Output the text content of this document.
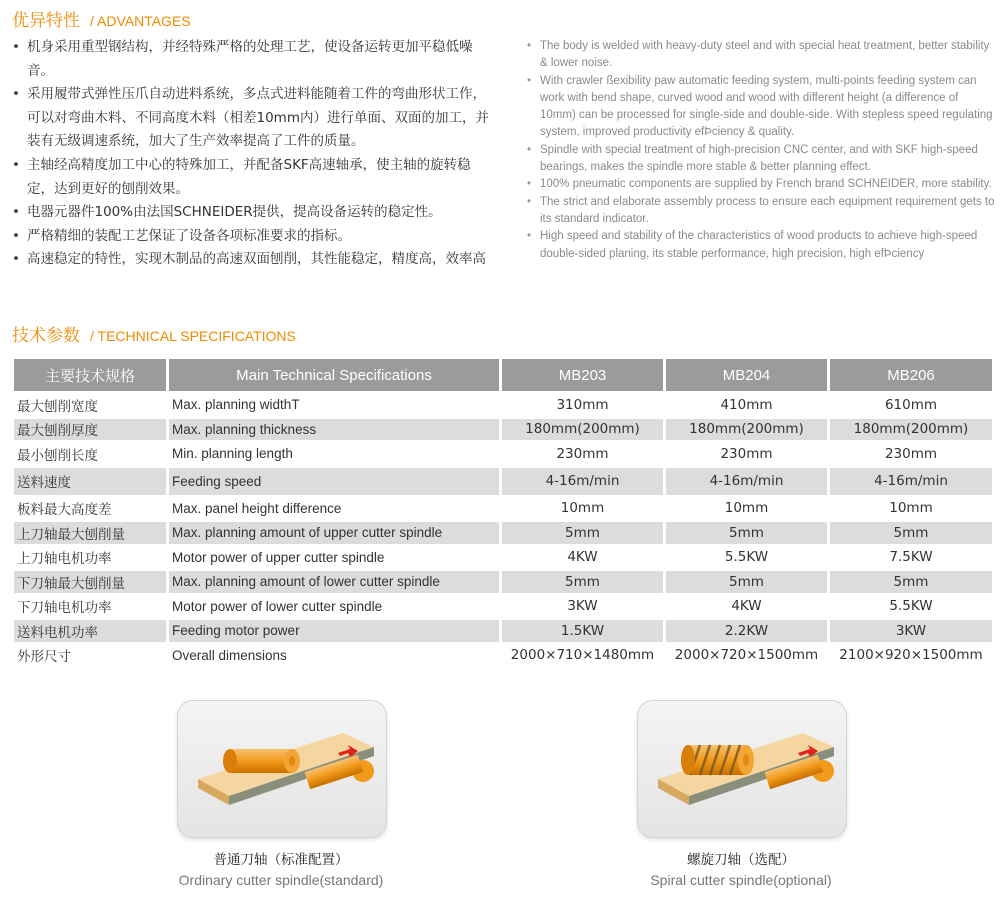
优异特性 / ADVANTAGES
• 机身采用重型钢结构，并经特殊严格的处理工艺，使设备运转更加平稳低噪音。
• 采用履带式弹性压爪自动进料系统，多点式进料能随着工件的弯曲形状工作，可以对弯曲木料、不同高度木料（相差10mm内）进行单面、双面的加工，并装有无级调速系统，加大了生产效率提高了工件的质量。
• 主轴经高精度加工中心的特殊加工，并配备SKF高速轴承，使主轴的旋转稳定，达到更好的刨削效果。
• 电器元器件100%由法国SCHNEIDER提供，提高设备运转的稳定性。
• 严格精细的装配工艺保证了设备各项标准要求的指标。
• 高速稳定的特性，实现木制品的高速双面刨削，其性能稳定，精度高，效率高
• The body is welded with heavy-duty steel and with special heat treatment, better stability & lower noise.
• With crawler ßexibility paw automatic feeding system, multi-points feeding system can work with bend shape, curved wood and wood with different height (a difference of 10mm) can be processed for single-side and double-side. With stepless speed regulating system, improved productivity efÞciency & quality.
• Spindle with special treatment of high-precision CNC center, and with SKF high-speed bearings, makes the spindle more stable & better planning effect.
• 100% pneumatic components are supplied by French brand SCHNEIDER, more stability.
• The strict and elaborate assembly process to ensure each equipment requirement gets to its standard indicator.
• High speed and stability of the characteristics of wood products to achieve high-speed double-sided planing, its stable performance, high precision, high efÞciency
技术参数 / TECHNICAL SPECIFICATIONS
主要技术规格	Main Technical Specifications	MB203	MB204	MB206
最大刨削宽度	Max. planning widthT	310mm	410mm	610mm
最大刨削厚度	Max. planning thickness	180mm(200mm)	180mm(200mm)	180mm(200mm)
最小刨削长度	Min. planning length	230mm	230mm	230mm
送料速度	Feeding speed	4-16m/min	4-16m/min	4-16m/min
板料最大高度差	Max. panel height difference	10mm	10mm	10mm
上刀轴最大刨削量	Max. planning amount of upper cutter spindle	5mm	5mm	5mm
上刀轴电机功率	Motor power of upper cutter spindle	4KW	5.5KW	7.5KW
下刀轴最大刨削量	Max. planning amount of lower cutter spindle	5mm	5mm	5mm
下刀轴电机功率	Motor power of lower cutter spindle	3KW	4KW	5.5KW
送料电机功率	Feeding motor power	1.5KW	2.2KW	3KW
外形尺寸	Overall dimensions	2000×710×1480mm	2000×720×1500mm	2100×920×1500mm
普通刀轴（标准配置）
Ordinary cutter spindle(standard)
螺旋刀轴（选配）
Spiral cutter spindle(optional)
